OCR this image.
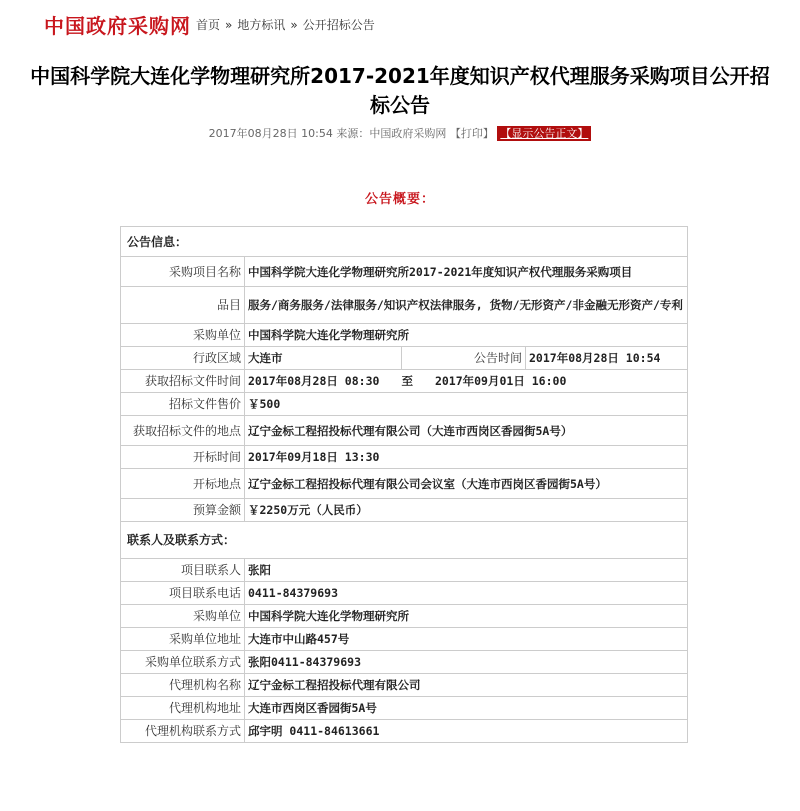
中国政府采购网 首页 » 地方标讯 » 公开招标公告
中国科学院大连化学物理研究所2017-2021年度知识产权代理服务采购项目公开招标公告
2017年08月28日 10:54 来源：中国政府采购网 【打印】 【显示公告正文】
公告概要：
公告信息：			
采购项目名称	中国科学院大连化学物理研究所2017-2021年度知识产权代理服务采购项目		
品目	服务/商务服务/法律服务/知识产权法律服务, 货物/无形资产/非金融无形资产/专利		
采购单位	中国科学院大连化学物理研究所		
行政区域	大连市	公告时间	2017年08月28日 10:54
获取招标文件时间	2017年08月28日 08:30 至 2017年09月01日 16:00		
招标文件售价	￥500		
获取招标文件的地点	辽宁金标工程招投标代理有限公司（大连市西岗区香园街5A号）		
开标时间	2017年09月18日 13:30		
开标地点	辽宁金标工程招投标代理有限公司会议室（大连市西岗区香园街5A号）		
预算金额	￥2250万元（人民币）		
联系人及联系方式：			
项目联系人	张阳		
项目联系电话	0411-84379693		
采购单位	中国科学院大连化学物理研究所		
采购单位地址	大连市中山路457号		
采购单位联系方式	张阳0411-84379693		
代理机构名称	辽宁金标工程招投标代理有限公司		
代理机构地址	大连市西岗区香园街5A号		
代理机构联系方式	邱宇明 0411-84613661		
